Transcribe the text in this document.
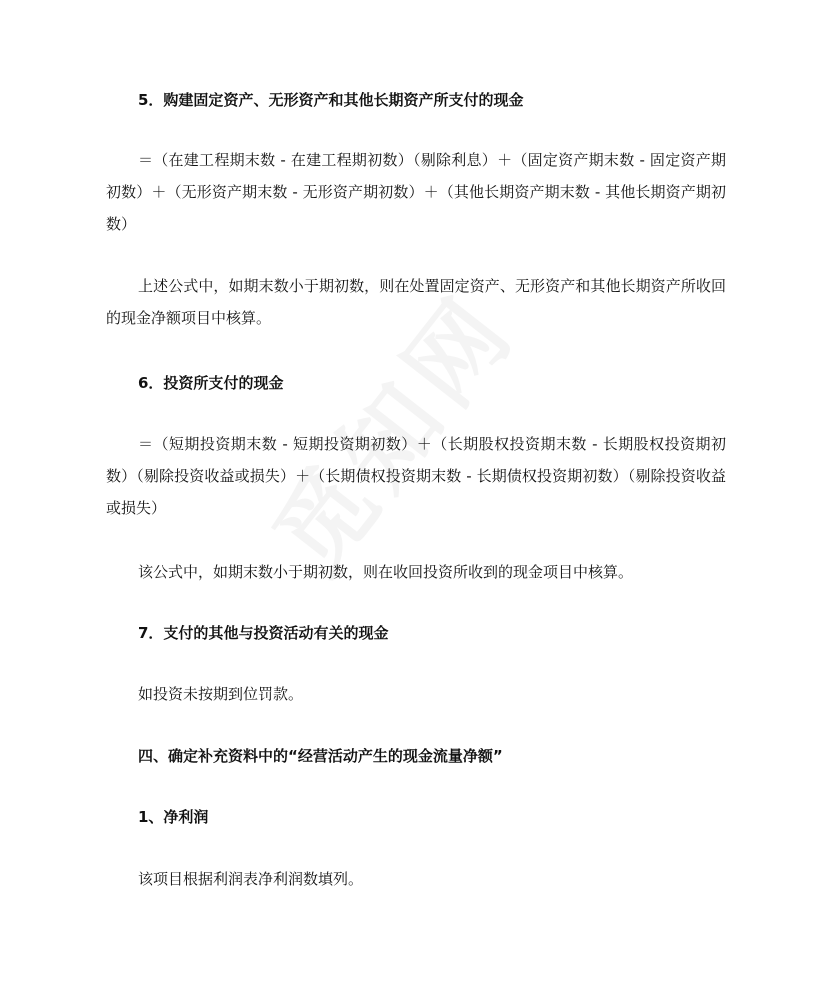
5．购建固定资产、无形资产和其他长期资产所支付的现金

＝（在建工程期末数 - 在建工程期初数）（剔除利息）＋（固定资产期末数 - 固定资产期初数）＋（无形资产期末数 - 无形资产期初数）＋（其他长期资产期末数 - 其他长期资产期初数）

上述公式中，如期末数小于期初数，则在处置固定资产、无形资产和其他长期资产所收回的现金净额项目中核算。

6．投资所支付的现金

＝（短期投资期末数 - 短期投资期初数）＋（长期股权投资期末数 - 长期股权投资期初数）（剔除投资收益或损失）＋（长期债权投资期末数 - 长期债权投资期初数）（剔除投资收益或损失）

该公式中，如期末数小于期初数，则在收回投资所收到的现金项目中核算。
7．支付的其他与投资活动有关的现金
如投资未按期到位罚款。
四、确定补充资料中的“经营活动产生的现金流量净额”
1、净利润
该项目根据利润表净利润数填列。
